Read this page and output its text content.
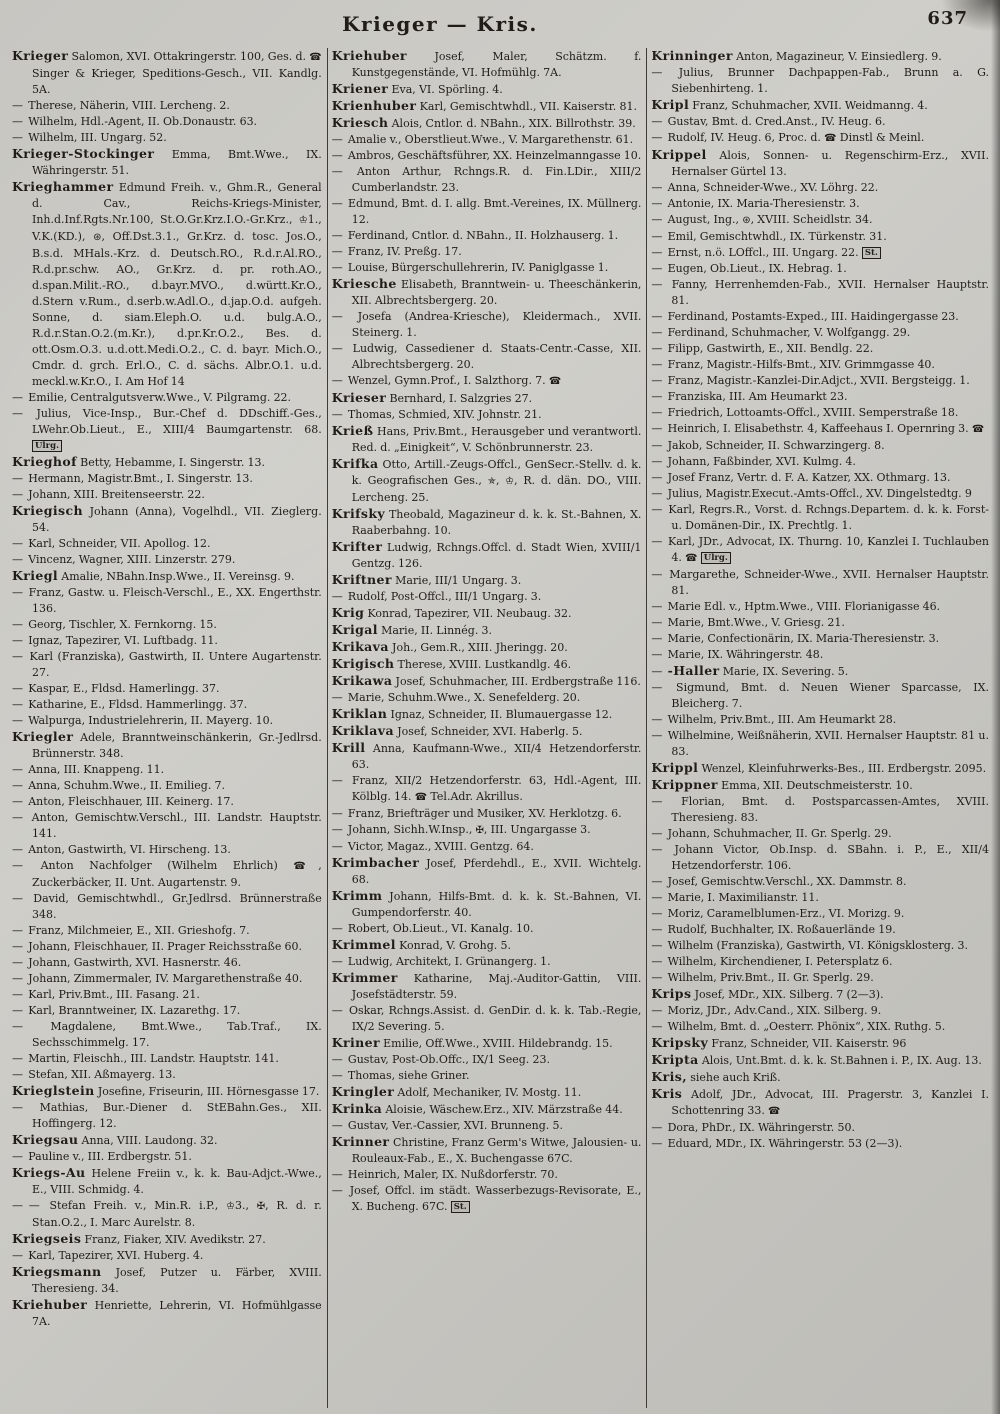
Krieger — Kris.	637

Krieger Salomon, XVI. Ottakringerstr. 100, Ges. d. ☎ Singer & Krieger, Speditions-Gesch., VII. Kandlg. 5A.

— Therese, Näherin, VIII. Lercheng. 2.

— Wilhelm, Hdl.-Agent, II. Ob.Donaustr. 63.

— Wilhelm, III. Ungarg. 52.

Krieger-Stockinger Emma, Bmt.Wwe., IX. Währingerstr. 51.

Krieghammer Edmund Freih. v., Ghm.R., General d. Cav., Reichs-Kriegs-Minister, Inh.d.Inf.Rgts.Nr.100, St.O.Gr.Krz.I.O.-Gr.Krz., ♔1., V.K.(KD.), ⊛, Off.Dst.3.1., Gr.Krz. d. tosc. Jos.O., B.s.d. MHals.-Krz. d. Deutsch.RO., R.d.r.Al.RO., R.d.pr.schw. AO., Gr.Krz. d. pr. roth.AO., d.span.Milit.-RO., d.bayr.MVO., d.württ.Kr.O., d.Stern v.Rum., d.serb.w.Adl.O., d.jap.O.d. aufgeh. Sonne, d. siam.Eleph.O. u.d. bulg.A.O., R.d.r.Stan.O.2.(m.Kr.), d.pr.Kr.O.2., Bes. d. ott.Osm.O.3. u.d.ott.Medi.O.2., C. d. bayr. Mich.O., Cmdr. d. grch. Erl.O., C. d. sächs. Albr.O.1. u.d. meckl.w.Kr.O., I. Am Hof 14

— Emilie, Centralgutsverw.Wwe., V. Pilgramg. 22.

— Julius, Vice-Insp., Bur.-Chef d. DDschiff.-Ges., LWehr.Ob.Lieut., E., XIII/4 Baumgartenstr. 68. Ulrg.

Krieghof Betty, Hebamme, I. Singerstr. 13.

— Hermann, Magistr.Bmt., I. Singerstr. 13.

— Johann, XIII. Breitenseerstr. 22.

Kriegisch Johann (Anna), Vogelhdl., VII. Zieglerg. 54.

— Karl, Schneider, VII. Apollog. 12.

— Vincenz, Wagner, XIII. Linzerstr. 279.

Kriegl Amalie, NBahn.Insp.Wwe., II. Vereinsg. 9.

— Franz, Gastw. u. Fleisch-Verschl., E., XX. Engerthstr. 136.

— Georg, Tischler, X. Fernkorng. 15.

— Ignaz, Tapezirer, VI. Luftbadg. 11.

— Karl (Franziska), Gastwirth, II. Untere Augartenstr. 27.

— Kaspar, E., Fldsd. Hamerlingg. 37.

— Katharine, E., Fldsd. Hammerlingg. 37.

— Walpurga, Industrielehrerin, II. Mayerg. 10.

Kriegler Adele, Branntweinschänkerin, Gr.-Jedlrsd. Brünnerstr. 348.

— Anna, III. Knappeng. 11.

— Anna, Schuhm.Wwe., II. Emilieg. 7.

— Anton, Fleischhauer, III. Keinerg. 17.

— Anton, Gemischtw.Verschl., III. Landstr. Hauptstr. 141.

— Anton, Gastwirth, VI. Hirscheng. 13.

— Anton Nachfolger (Wilhelm Ehrlich) ☎, Zuckerbäcker, II. Unt. Augartenstr. 9.

— David, Gemischtwhdl., Gr.Jedlrsd. Brünnerstraße 348.

— Franz, Milchmeier, E., XII. Grieshofg. 7.

— Johann, Fleischhauer, II. Prager Reichsstraße 60.

— Johann, Gastwirth, XVI. Hasnerstr. 46.

— Johann, Zimmermaler, IV. Margarethenstraße 40.

— Karl, Priv.Bmt., III. Fasang. 21.

— Karl, Branntweiner, IX. Lazarethg. 17.

—	Magdalene, Bmt.Wwe., Tab.Traf., IX. Sechsschimmelg. 17.

— Martin, Fleischh., III. Landstr. Hauptstr. 141.

— Stefan, XII. Aßmayerg. 13.

Krieglstein Josefine, Friseurin, III. Hörnesgasse 17.

— Mathias, Bur.-Diener d. StEBahn.Ges., XII. Hoffingerg. 12.

Kriegsau Anna, VIII. Laudong. 32.

— Pauline v., III. Erdbergstr. 51.

Kriegs-Au Helene Freiin v., k. k. Bau-Adjct.-Wwe., E., VIII. Schmidg. 4.

— — Stefan Freih. v., Min.R. i.P., ♔3., ✠, R. d. r. Stan.O.2., I. Marc Aurelstr. 8.

Kriegseis Franz, Fiaker, XIV. Avedikstr. 27.

— Karl, Tapezirer, XVI. Huberg. 4.

Kriegsmann Josef, Putzer u. Färber, XVIII. Theresieng. 34.

Kriehuber Henriette, Lehrerin, VI. Hofmühlgasse 7A.

Kriehuber	Josef, Maler, Schätzm. f. Kunstgegenstände, VI. Hofmühlg. 7A.

Kriener Eva, VI. Spörling. 4.

Krienhuber Karl, Gemischtwhdl., VII. Kaiserstr. 81.

Kriesch Alois, Cntlor. d. NBahn., XIX. Billrothstr. 39.

— Amalie v., Oberstlieut.Wwe., V. Margarethenstr. 61.

— Ambros, Geschäftsführer, XX. Heinzelmanngasse 10.

— Anton Arthur, Rchngs.R. d. Fin.LDir., XIII/2 Cumberlandstr. 23.

— Edmund, Bmt. d. I. allg. Bmt.-Vereines, IX. Müllnerg. 12.

— Ferdinand, Cntlor. d. NBahn., II. Holzhauserg. 1.

— Franz, IV. Preßg. 17.

— Louise, Bürgerschullehrerin, IV. Paniglgasse 1.

Kriesche Elisabeth, Branntwein- u. Theeschänkerin, XII. Albrechtsbergerg. 20.

— Josefa (Andrea-Kriesche), Kleidermach., XVII. Steinerg. 1.

— Ludwig, Cassediener d. Staats-Centr.-Casse, XII. Albrechtsbergerg. 20.

— Wenzel, Gymn.Prof., I. Salzthorg. 7. ☎

Krieser Bernhard, I. Salzgries 27.

— Thomas, Schmied, XIV. Johnstr. 21.

Krieß Hans, Priv.Bmt., Herausgeber und verantwortl. Red. d. „Einigkeit“, V. Schönbrunnerstr. 23.

Krifka Otto, Artill.-Zeugs-Offcl., GenSecr.-Stellv. d. k. k. Geografischen Ges., ✯, ♔, R. d. dän. DO., VIII. Lercheng. 25.

Krifsky Theobald, Magazineur d. k. k. St.-Bahnen, X. Raaberbahng. 10.

Krifter Ludwig, Rchngs.Offcl. d. Stadt Wien, XVIII/1 Gentzg. 126.

Kriftner Marie, III/1 Ungarg. 3.

— Rudolf, Post-Offcl., III/1 Ungarg. 3.

Krig Konrad, Tapezirer, VII. Neubaug. 32.

Krigal Marie, II. Linnég. 3.

Krikava Joh., Gem.R., XIII. Jheringg. 20.

Krigisch Therese, XVIII. Lustkandlg. 46.

Krikawa Josef, Schuhmacher, III. Erdbergstraße 116.

— Marie, Schuhm.Wwe., X. Senefelderg. 20.

Kriklan Ignaz, Schneider, II. Blumauergasse 12.

Kriklava Josef, Schneider, XVI. Haberlg. 5.

Krill Anna, Kaufmann-Wwe., XII/4 Hetzendorferstr. 63.

— Franz, XII/2 Hetzendorferstr. 63, Hdl.-Agent, III. Kölblg. 14. ☎ Tel.Adr. Akrillus.

— Franz, Briefträger und Musiker, XV. Herklotzg. 6.

— Johann, Sichh.W.Insp., ✠, III. Ungargasse 3.

— Victor, Magaz., XVIII. Gentzg. 64.

Krimbacher Josef, Pferdehdl., E., XVII. Wichtelg. 68.

Krimm Johann, Hilfs-Bmt. d. k. k. St.-Bahnen, VI. Gumpendorferstr. 40.

— Robert, Ob.Lieut., VI. Kanalg. 10.

Krimmel Konrad, V. Grohg. 5.

— Ludwig, Architekt, I. Grünangerg. 1.

Krimmer Katharine, Maj.-Auditor-Gattin, VIII. Josefstädterstr. 59.

— Oskar, Rchngs.Assist. d. GenDir. d. k. k. Tab.-Regie, IX/2 Severing. 5.

Kriner Emilie, Off.Wwe., XVIII. Hildebrandg. 15.

— Gustav, Post-Ob.Offc., IX/1 Seeg. 23.

— Thomas, siehe Griner.

Kringler Adolf, Mechaniker, IV. Mostg. 11.

Krinka Aloisie, Wäschew.Erz., XIV. Märzstraße 44.

— Gustav, Ver.-Cassier, XVI. Brunneng. 5.

Krinner Christine, Franz Germ's Witwe, Jalousien- u. Rouleaux-Fab., E., X. Buchengasse 67C.

— Heinrich, Maler, IX. Nußdorferstr. 70.

— Josef, Offcl. im städt. Wasserbezugs-Revisorate, E., X. Bucheng. 67C. St.

Krinninger Anton, Magazineur, V. Einsiedlerg. 9.

— Julius, Brunner Dachpappen-Fab., Brunn a. G. Siebenhirteng. 1.

Kripl Franz, Schuhmacher, XVII. Weidmanng. 4.

— Gustav, Bmt. d. Cred.Anst., IV. Heug. 6.

— Rudolf, IV. Heug. 6, Proc. d. ☎ Dinstl & Meinl.

Krippel Alois, Sonnen- u. Regenschirm-Erz., XVII. Hernalser Gürtel 13.

— Anna, Schneider-Wwe., XV. Löhrg. 22.

— Antonie, IX. Maria-Theresienstr. 3.

— August, Ing., ⊛, XVIII. Scheidlstr. 34.

— Emil, Gemischtwhdl., IX. Türkenstr. 31.

— Ernst, n.ö. LOffcl., III. Ungarg. 22. St.

— Eugen, Ob.Lieut., IX. Hebrag. 1.

— Fanny, Herrenhemden-Fab., XVII. Hernalser Hauptstr. 81.

— Ferdinand, Postamts-Exped., III. Haidingergasse 23.

— Ferdinand, Schuhmacher, V. Wolfgangg. 29.

— Filipp, Gastwirth, E., XII. Bendlg. 22.

— Franz, Magistr.-Hilfs-Bmt., XIV. Grimmgasse 40.

— Franz, Magistr.-Kanzlei-Dir.Adjct., XVII. Bergsteigg. 1.

— Franziska, III. Am Heumarkt 23.

— Friedrich, Lottoamts-Offcl., XVIII. Semperstraße 18.

— Heinrich, I. Elisabethstr. 4, Kaffeehaus I. Opernring 3. ☎

— Jakob, Schneider, II. Schwarzingerg. 8.

— Johann, Faßbinder, XVI. Kulmg. 4.

— Josef Franz, Vertr. d. F. A. Katzer, XX. Othmarg. 13.

— Julius, Magistr.Execut.-Amts-Offcl., XV. Dingelstedtg. 9

— Karl, Regrs.R., Vorst. d. Rchngs.Departem. d. k. k. Forst- u. Domänen-Dir., IX. Prechtlg. 1.

— Karl, JDr., Advocat, IX. Thurng. 10, Kanzlei I. Tuchlauben 4. ☎ Ulrg.

— Margarethe, Schneider-Wwe., XVII. Hernalser Hauptstr. 81.

— Marie Edl. v., Hptm.Wwe., VIII. Florianigasse 46.

— Marie, Bmt.Wwe., V. Griesg. 21.

— Marie, Confectionärin, IX. Maria-Theresienstr. 3.

— Marie, IX. Währingerstr. 48.

— -Haller Marie, IX. Severing. 5.

— Sigmund, Bmt. d. Neuen Wiener Sparcasse, IX. Bleicherg. 7.

— Wilhelm, Priv.Bmt., III. Am Heumarkt 28.

— Wilhelmine, Weißnäherin, XVII. Hernalser Hauptstr. 81 u. 83.

Krippl Wenzel, Kleinfuhrwerks-Bes., III. Erdbergstr. 2095.

Krippner Emma, XII. Deutschmeisterstr. 10.

— Florian, Bmt. d. Postsparcassen-Amtes, XVIII. Theresieng. 83.

— Johann, Schuhmacher, II. Gr. Sperlg. 29.

— Johann Victor, Ob.Insp. d. SBahn. i. P., E., XII/4 Hetzendorferstr. 106.

— Josef, Gemischtw.Verschl., XX. Dammstr. 8.

— Marie, I. Maximilianstr. 11.

— Moriz, Caramelblumen-Erz., VI. Morizg. 9.

— Rudolf, Buchhalter, IX. Roßauerlände 19.

— Wilhelm (Franziska), Gastwirth, VI. Königsklosterg. 3.

— Wilhelm, Kirchendiener, I. Petersplatz 6.

— Wilhelm, Priv.Bmt., II. Gr. Sperlg. 29.

Krips Josef, MDr., XIX. Silberg. 7 (2—3).

— Moriz, JDr., Adv.Cand., XIX. Silberg. 9.

— Wilhelm, Bmt. d. „Oesterr. Phönix“, XIX. Ruthg. 5.

Kripsky Franz, Schneider, VII. Kaiserstr. 96

Kripta Alois, Unt.Bmt. d. k. k. St.Bahnen i. P., IX. Aug. 13.

Kris, siehe auch Kriß.

Kris Adolf, JDr., Advocat, III. Pragerstr. 3, Kanzlei I. Schottenring 33. ☎

— Dora, PhDr., IX. Währingerstr. 50.

— Eduard, MDr., IX. Währingerstr. 53 (2—3).
